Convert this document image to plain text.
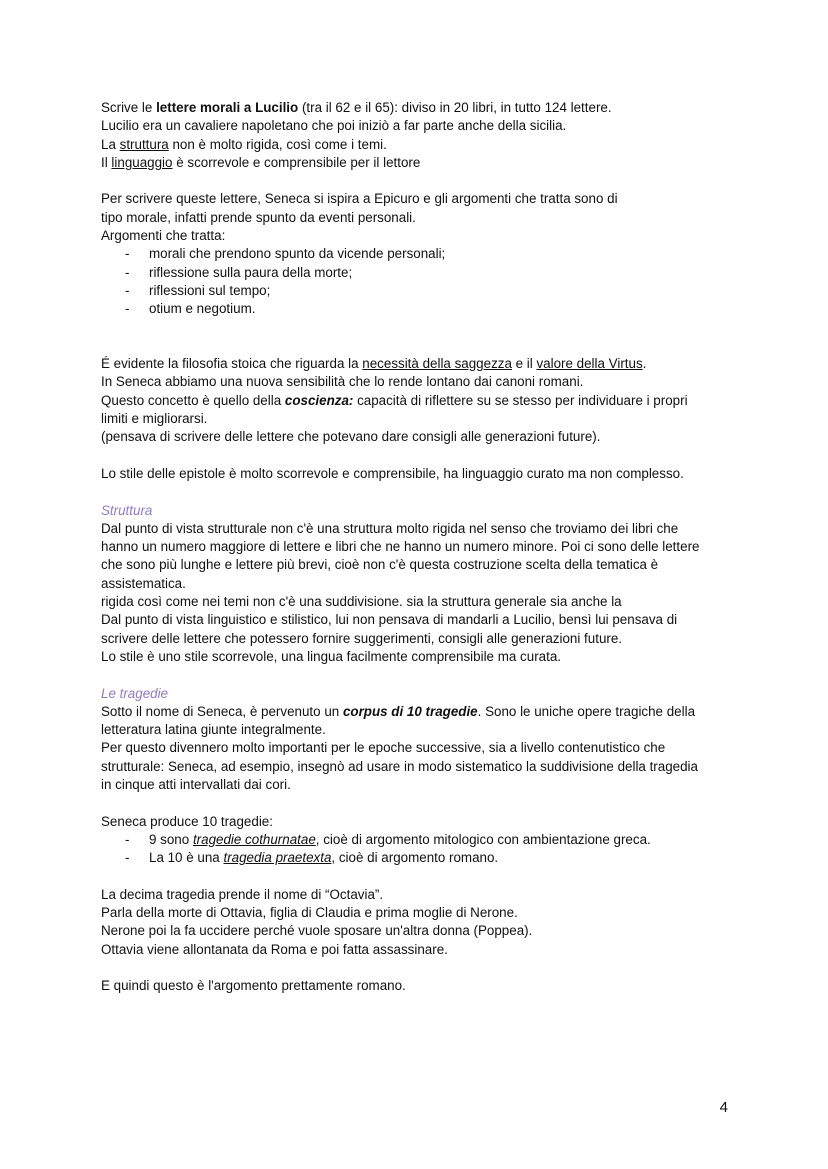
Scrive le lettere morali a Lucilio (tra il 62 e il 65): diviso in 20 libri, in tutto 124 lettere.
Lucilio era un cavaliere napoletano che poi iniziò a far parte anche della sicilia.
La struttura non è molto rigida, così come i temi.
Il linguaggio è scorrevole e comprensibile per il lettore
Per scrivere queste lettere, Seneca si ispira a Epicuro e gli argomenti che tratta sono di
tipo morale, infatti prende spunto da eventi personali.
Argomenti che tratta:
- morali che prendono spunto da vicende personali;
- riflessione sulla paura della morte;
- riflessioni sul tempo;
- otium e negotium.
É evidente la filosofia stoica che riguarda la necessità della saggezza e il valore della Virtus.
In Seneca abbiamo una nuova sensibilità che lo rende lontano dai canoni romani.
Questo concetto è quello della coscienza: capacità di riflettere su se stesso per individuare i propri
limiti e migliorarsi.
(pensava di scrivere delle lettere che potevano dare consigli alle generazioni future).
Lo stile delle epistole è molto scorrevole e comprensibile, ha linguaggio curato ma non complesso.
Struttura
Dal punto di vista strutturale non c'è una struttura molto rigida nel senso che troviamo dei libri che
hanno un numero maggiore di lettere e libri che ne hanno un numero minore. Poi ci sono delle lettere
che sono più lunghe e lettere più brevi, cioè non c'è questa costruzione scelta della tematica è
assistematica.
rigida così come nei temi non c'è una suddivisione. sia la struttura generale sia anche la
Dal punto di vista linguistico e stilistico, lui non pensava di mandarli a Lucilio, bensì lui pensava di
scrivere delle lettere che potessero fornire suggerimenti, consigli alle generazioni future.
Lo stile è uno stile scorrevole, una lingua facilmente comprensibile ma curata.
Le tragedie
Sotto il nome di Seneca, è pervenuto un corpus di 10 tragedie. Sono le uniche opere tragiche della
letteratura latina giunte integralmente.
Per questo divennero molto importanti per le epoche successive, sia a livello contenutistico che
strutturale: Seneca, ad esempio, insegnò ad usare in modo sistematico la suddivisione della tragedia
in cinque atti intervallati dai cori.
Seneca produce 10 tragedie:
- 9 sono tragedie cothurnatae, cioè di argomento mitologico con ambientazione greca.
- La 10 è una tragedia praetexta, cioè di argomento romano.
La decima tragedia prende il nome di “Octavia”.
Parla della morte di Ottavia, figlia di Claudia e prima moglie di Nerone.
Nerone poi la fa uccidere perché vuole sposare un'altra donna (Poppea).
Ottavia viene allontanata da Roma e poi fatta assassinare.
E quindi questo è l'argomento prettamente romano.
4
